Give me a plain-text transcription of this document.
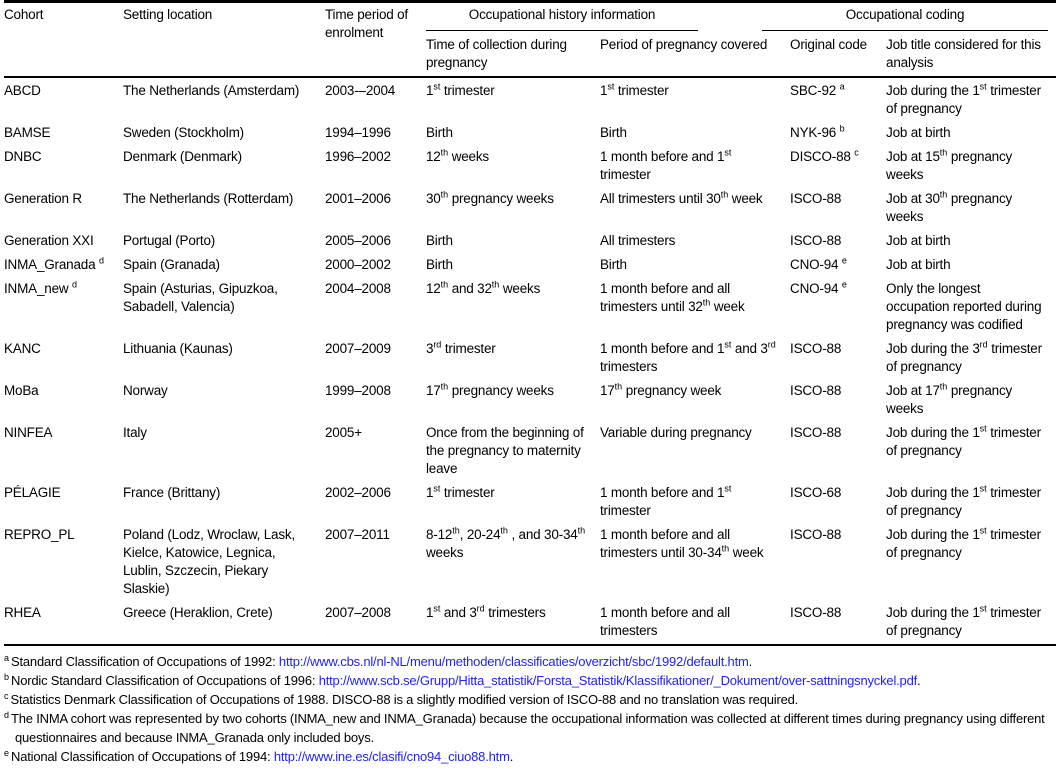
Cohort	Setting location	Time period of enrolment	Occupational history information		Occupational coding	

			Time of collection during pregnancy	Period of pregnancy covered	Original code	Job title considered for this analysis
ABCD	The Netherlands (Amsterdam)	2003-–2004	1st trimester	1st trimester	SBC-92 $^a$	Job during the 1st trimester of pregnancy
BAMSE	Sweden (Stockholm)	1994–1996	Birth	Birth	NYK-96 $^b$	Job at birth
DNBC	Denmark (Denmark)	1996–2002	12th weeks	1 month before and 1st trimester	DISCO-88 $^c$	Job at 15th pregnancy weeks
Generation R	The Netherlands (Rotterdam)	2001–2006	30th pregnancy weeks	All trimesters until 30th week	ISCO-88	Job at 30th pregnancy weeks
Generation XXI	Portugal (Porto)	2005–2006	Birth	All trimesters	ISCO-88	Job at birth
INMA_Granada $^d$	Spain (Granada)	2000–2002	Birth	Birth	CNO-94 $^e$	Job at birth
INMA_new $^d$	Spain (Asturias, Gipuzkoa, Sabadell, Valencia)	2004–2008	12th and 32th weeks	1 month before and all trimesters until 32th week	CNO-94 $^e$	Only the longest occupation reported during pregnancy was codified
KANC	Lithuania (Kaunas)	2007–2009	3rd trimester	1 month before and 1st and 3rd trimesters	ISCO-88	Job during the 3rd trimester of pregnancy
MoBa	Norway	1999–2008	17th pregnancy weeks	17th pregnancy week	ISCO-88	Job at 17th pregnancy weeks
NINFEA	Italy	2005+	Once from the beginning of the pregnancy to maternity leave	Variable during pregnancy	ISCO-88	Job during the 1st trimester of pregnancy
PÉLAGIE	France (Brittany)	2002–2006	1st trimester	1 month before and 1st trimester	ISCO-68	Job during the 1st trimester of pregnancy
REPRO_PL	Poland (Lodz, Wroclaw, Lask, Kielce, Katowice, Legnica, Lublin, Szczecin, Piekary Slaskie)	2007–2011	8-12th, 20-24th , and 30-34th weeks	1 month before and all trimesters until 30-34th week	ISCO-88	Job during the 1st trimester of pregnancy
RHEA	Greece (Heraklion, Crete)	2007–2008	1st and 3rd trimesters	1 month before and all trimesters	ISCO-88	Job during the 1st trimester of pregnancy
$^a$ Standard Classification of Occupations of 1992: http://www.cbs.nl/nl-NL/menu/methoden/classificaties/overzicht/sbc/1992/default.htm.
$^b$ Nordic Standard Classification of Occupations of 1996: http://www.scb.se/Grupp/Hitta_statistik/Forsta_Statistik/Klassifikationer/_Dokument/over-sattningsnyckel.pdf.
$^c$ Statistics Denmark Classification of Occupations of 1988. DISCO-88 is a slightly modified version of ISCO-88 and no translation was required.
$^d$ The INMA cohort was represented by two cohorts (INMA_new and INMA_Granada) because the occupational information was collected at different times during pregnancy using different questionnaires and because INMA_Granada only included boys.
$^e$ National Classification of Occupations of 1994: http://www.ine.es/clasifi/cno94_ciuo88.htm.
